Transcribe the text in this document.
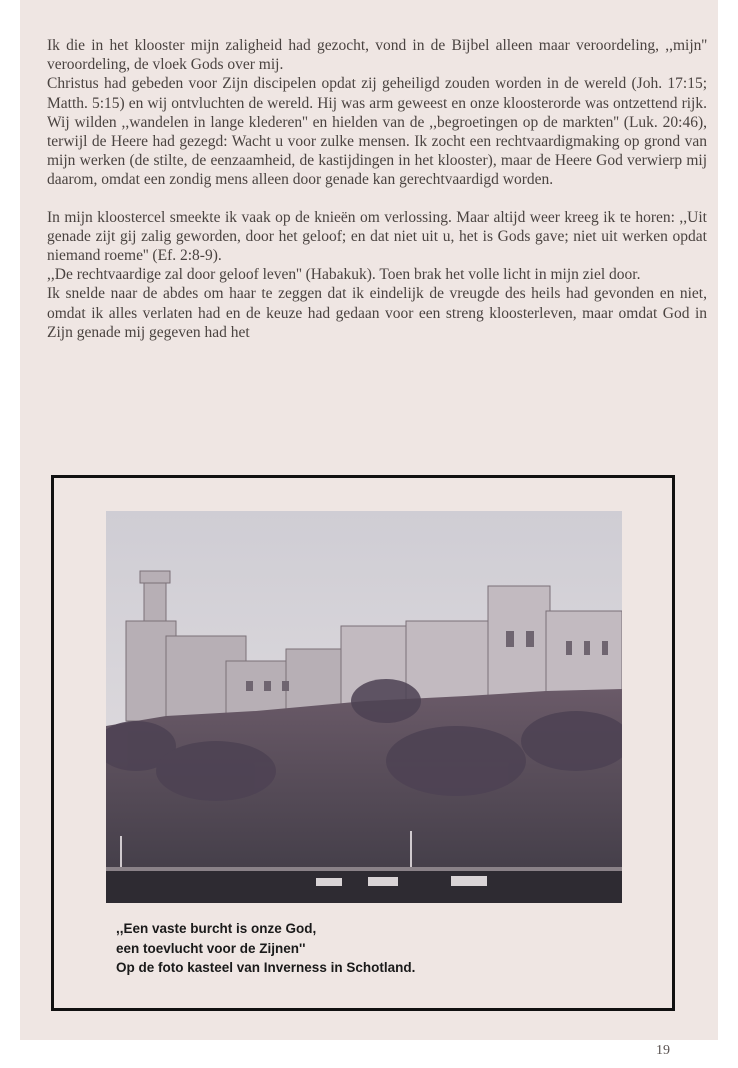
Ik die in het klooster mijn zaligheid had gezocht, vond in de Bijbel alleen maar veroordeling, ,,mijn'' veroordeling, de vloek Gods over mij.

Christus had gebeden voor Zijn discipelen opdat zij geheiligd zouden worden in de wereld (Joh. 17:15; Matth. 5:15) en wij ontvluchten de wereld. Hij was arm geweest en onze kloosterorde was ontzettend rijk. Wij wilden ,,wandelen in lange klederen'' en hielden van de ,,begroetingen op de markten'' (Luk. 20:46), terwijl de Heere had gezegd: Wacht u voor zulke mensen. Ik zocht een rechtvaardigmaking op grond van mijn werken (de stilte, de eenzaamheid, de kastijdingen in het klooster), maar de Heere God verwierp mij daarom, omdat een zondig mens alleen door genade kan gerechtvaardigd worden.

In mijn kloostercel smeekte ik vaak op de knieën om verlossing. Maar altijd weer kreeg ik te horen: ,,Uit genade zijt gij zalig geworden, door het geloof; en dat niet uit u, het is Gods gave; niet uit werken opdat niemand roeme'' (Ef. 2:8-9).

,,De rechtvaardige zal door geloof leven'' (Habakuk). Toen brak het volle licht in mijn ziel door.

Ik snelde naar de abdes om haar te zeggen dat ik eindelijk de vreugde des heils had gevonden en niet, omdat ik alles verlaten had en de keuze had gedaan voor een streng kloosterleven, maar omdat God in Zijn genade mij gegeven had het

,,Een vaste burcht is onze God,
een toevlucht voor de Zijnen''
Op de foto kasteel van Inverness in Schotland.
19
